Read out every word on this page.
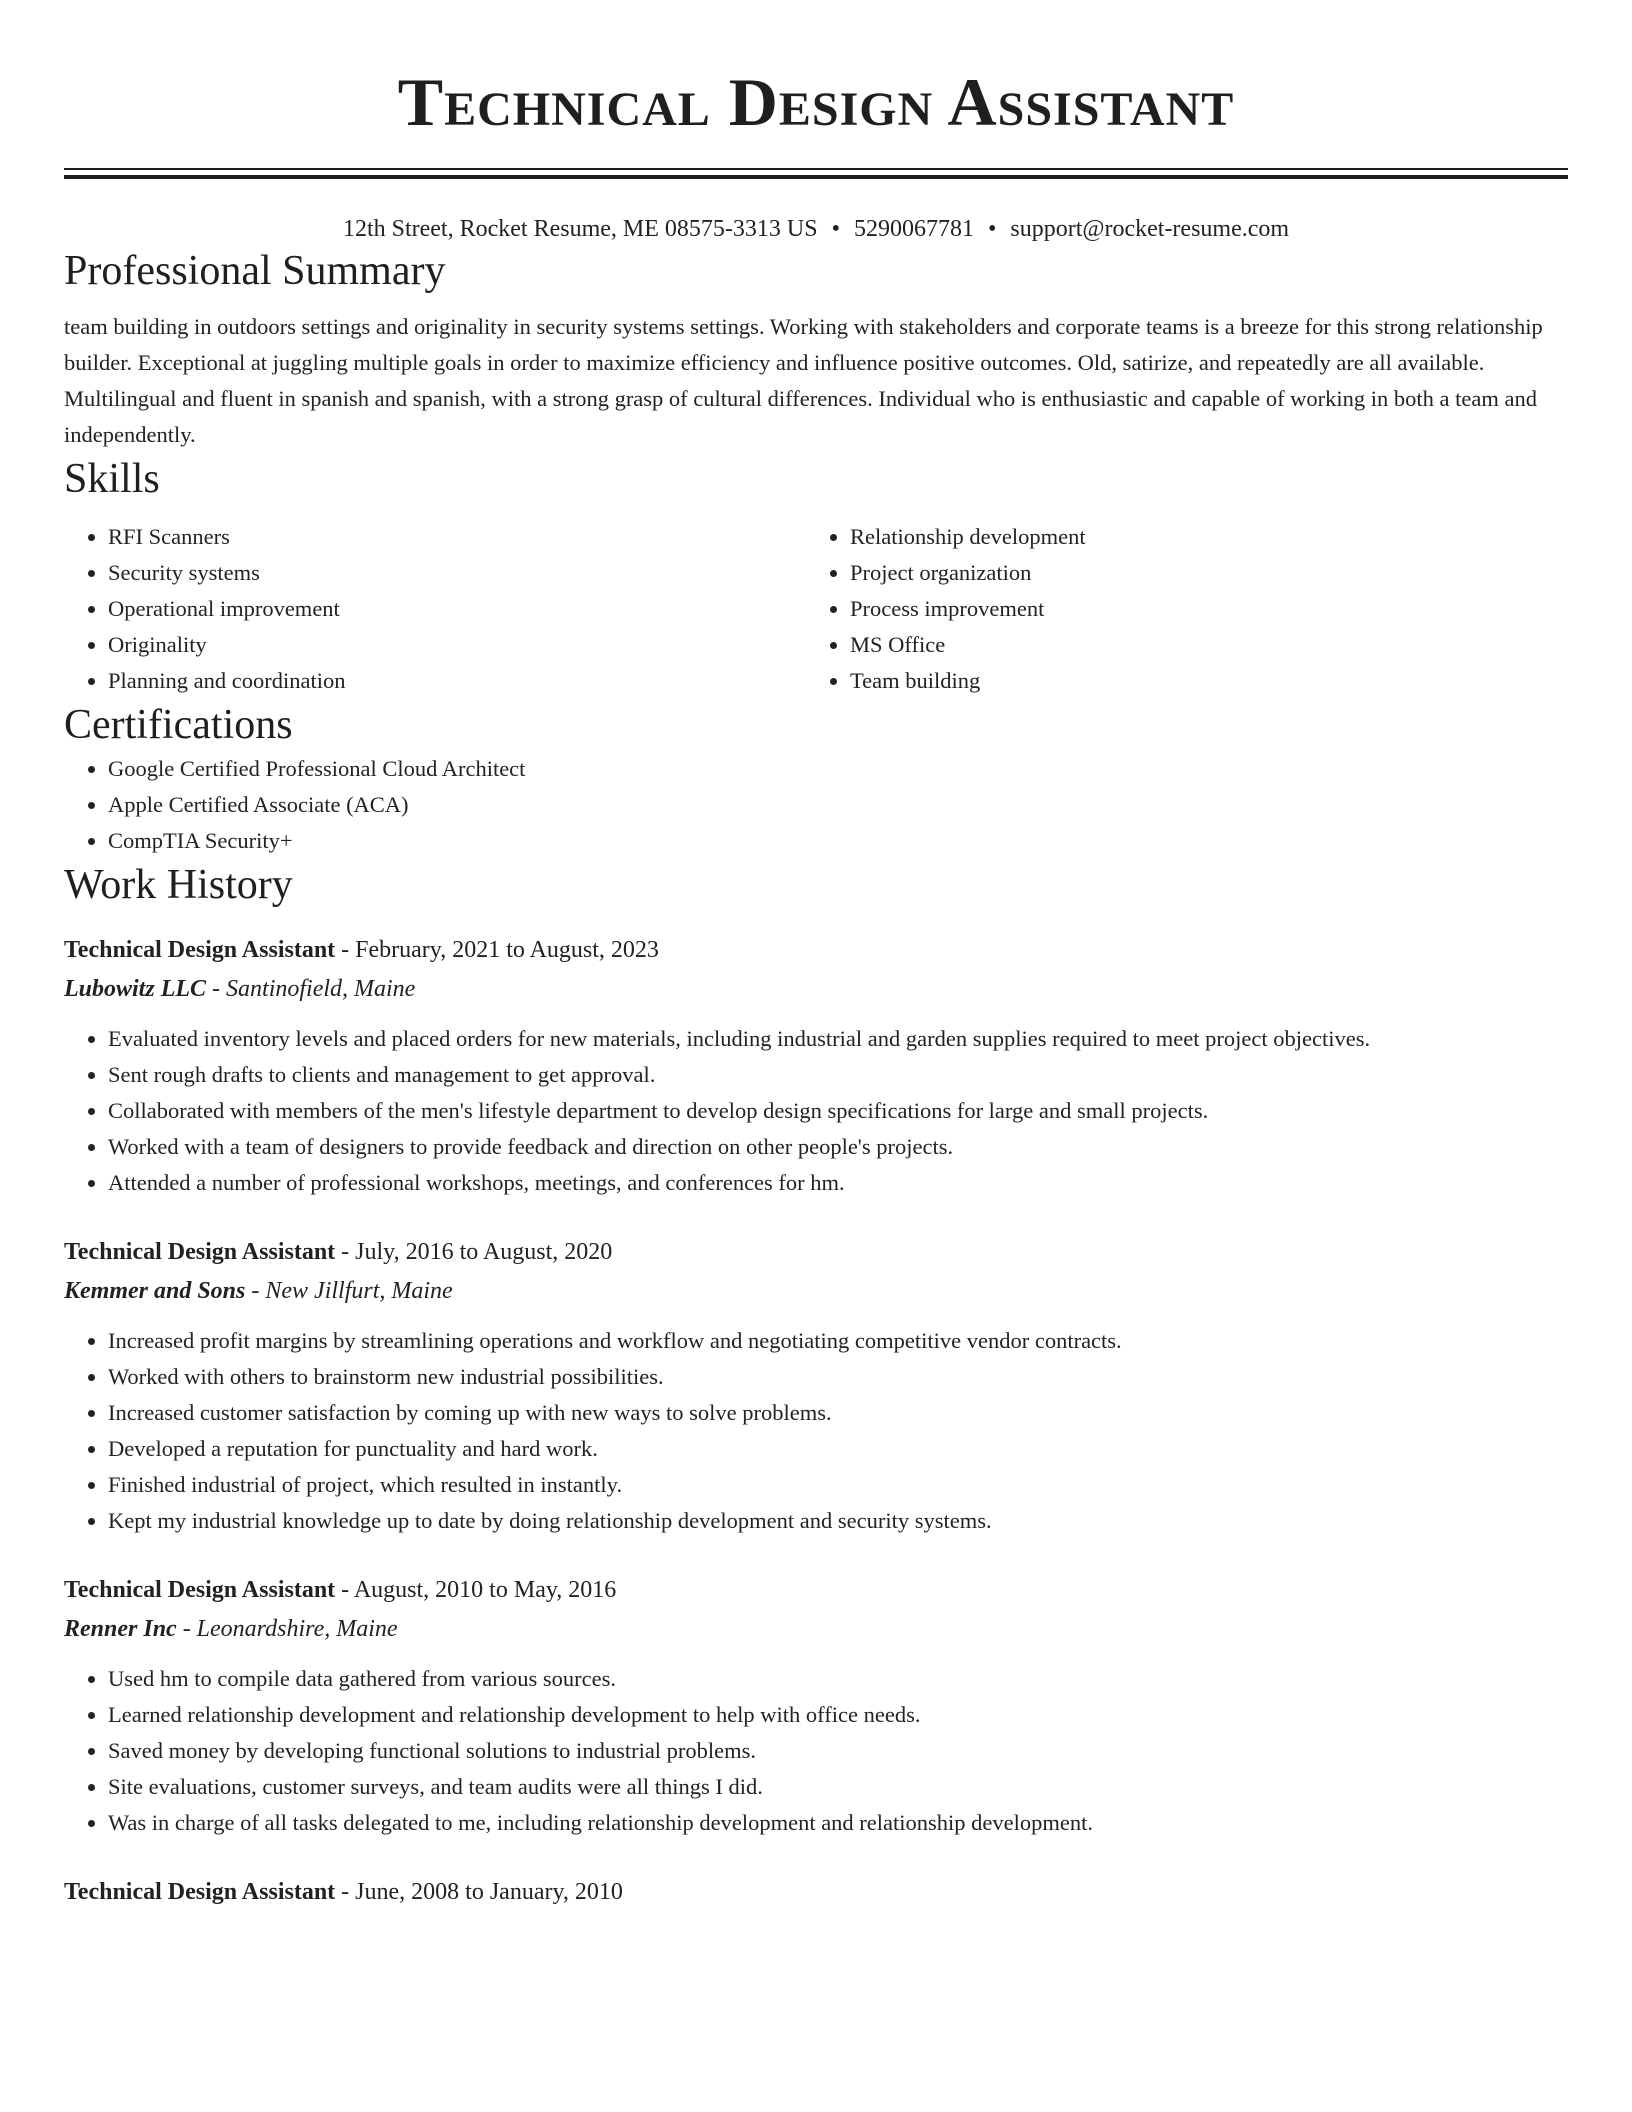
Technical Design Assistant
12th Street, Rocket Resume, ME 08575-3313 US • 5290067781 • support@rocket-resume.com
Professional Summary
team building in outdoors settings and originality in security systems settings. Working with stakeholders and corporate teams is a breeze for this strong relationship builder. Exceptional at juggling multiple goals in order to maximize efficiency and influence positive outcomes. Old, satirize, and repeatedly are all available. Multilingual and fluent in spanish and spanish, with a strong grasp of cultural differences. Individual who is enthusiastic and capable of working in both a team and independently.
Skills
• RFI Scanners
• Security systems
• Operational improvement
• Originality
• Planning and coordination
• Relationship development
• Project organization
• Process improvement
• MS Office
• Team building
Certifications
• Google Certified Professional Cloud Architect
• Apple Certified Associate (ACA)
• CompTIA Security+
Work History
Technical Design Assistant - February, 2021 to August, 2023
Lubowitz LLC - Santinofield, Maine
• Evaluated inventory levels and placed orders for new materials, including industrial and garden supplies required to meet project objectives.
• Sent rough drafts to clients and management to get approval.
• Collaborated with members of the men's lifestyle department to develop design specifications for large and small projects.
• Worked with a team of designers to provide feedback and direction on other people's projects.
• Attended a number of professional workshops, meetings, and conferences for hm.
Technical Design Assistant - July, 2016 to August, 2020
Kemmer and Sons - New Jillfurt, Maine
• Increased profit margins by streamlining operations and workflow and negotiating competitive vendor contracts.
• Worked with others to brainstorm new industrial possibilities.
• Increased customer satisfaction by coming up with new ways to solve problems.
• Developed a reputation for punctuality and hard work.
• Finished industrial of project, which resulted in instantly.
• Kept my industrial knowledge up to date by doing relationship development and security systems.
Technical Design Assistant - August, 2010 to May, 2016
Renner Inc - Leonardshire, Maine
• Used hm to compile data gathered from various sources.
• Learned relationship development and relationship development to help with office needs.
• Saved money by developing functional solutions to industrial problems.
• Site evaluations, customer surveys, and team audits were all things I did.
• Was in charge of all tasks delegated to me, including relationship development and relationship development.
Technical Design Assistant - June, 2008 to January, 2010
